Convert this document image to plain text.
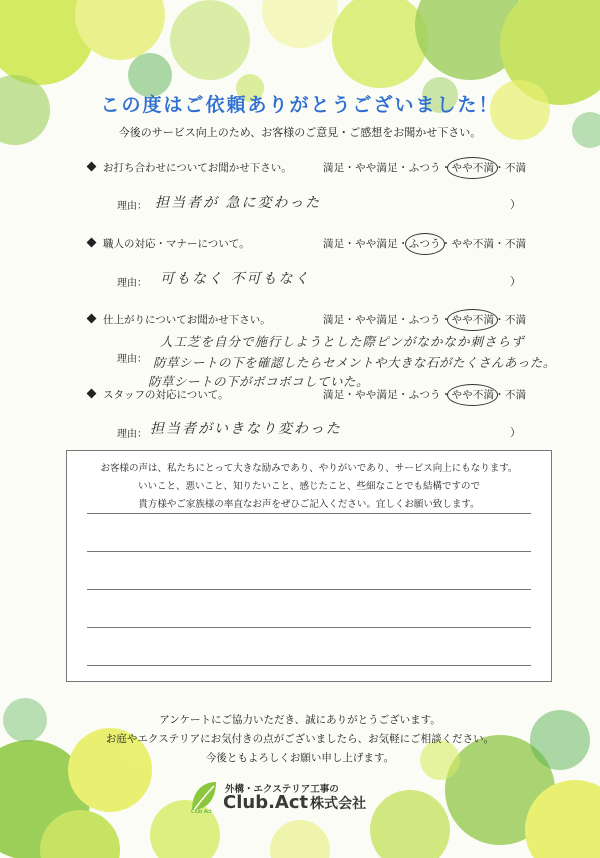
この度はご依頼ありがとうございました！
今後のサービス向上のため、お客様のご意見・ご感想をお聞かせ下さい。
お打ち合わせについてお聞かせ下さい。	満足・やや満足・ふつう・やや不満・不満
理由： 担当者が 急に変わった	）
職人の対応・マナーについて。	満足・やや満足・ふつう・やや不満・不満
理由： 可もなく 不可もなく	）
仕上がりについてお聞かせ下さい。	満足・やや満足・ふつう・やや不満・不満
理由：
人工芝を自分で施行しようとした際ピンがなかなか刺さらず
防草シートの下を確認したらセメントや大きな石がたくさんあった。
防草シートの下がボコボコしていた。
スタッフの対応について。	満足・やや満足・ふつう・やや不満・不満
理由： 担当者がいきなり変わった	）
お客様の声は、私たちにとって大きな励みであり、やりがいであり、サービス向上にもなります。
いいこと、悪いこと、知りたいこと、感じたこと、些細なことでも結構ですので
貴方様やご家族様の率直なお声をぜひご記入ください。宜しくお願い致します。
アンケートにご協力いただき、誠にありがとうございます。
お庭やエクステリアにお気付きの点がございましたら、お気軽にご相談ください。
今後ともよろしくお願い申し上げます。
Club Act
外構・エクステリア工事の
Club.Act 株式会社
